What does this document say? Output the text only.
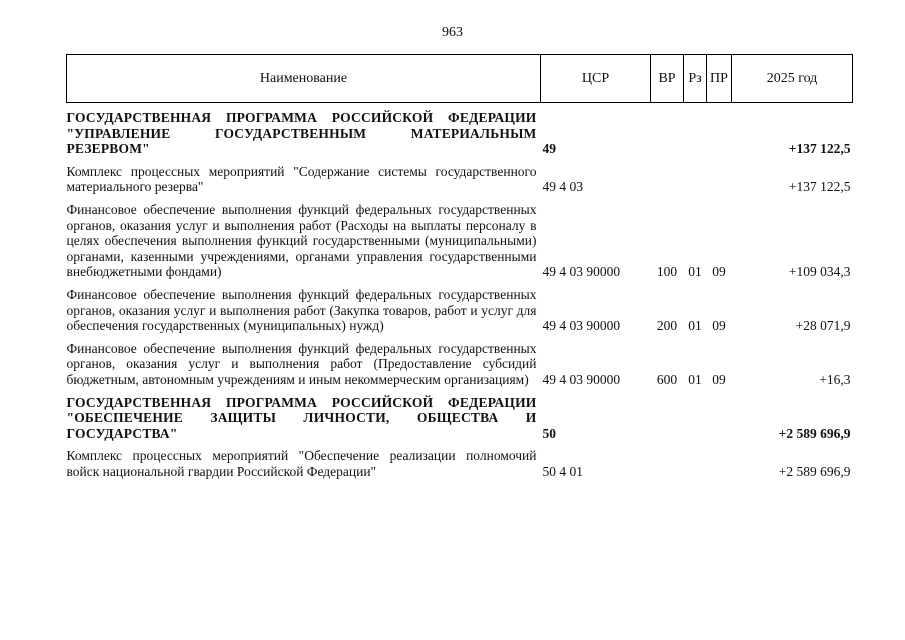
963
Наименование	ЦСР	ВР	Рз	ПР	2025 год

ГОСУДАРСТВЕННАЯ ПРОГРАММА РОССИЙСКОЙ ФЕДЕРАЦИИ "УПРАВЛЕНИЕ ГОСУДАРСТВЕННЫМ МАТЕРИАЛЬНЫМ РЕЗЕРВОМ"	49				+137 122,5

Комплекс процессных мероприятий "Содержание системы государственного материального резерва"	49 4 03				+137 122,5

Финансовое обеспечение выполнения функций федеральных государственных органов, оказания услуг и выполнения работ (Расходы на выплаты персоналу в целях обеспечения выполнения функций государственными (муниципальными) органами, казенными учреждениями, органами управления государственными внебюджетными фондами)	49 4 03 90000	100	01	09	+109 034,3

Финансовое обеспечение выполнения функций федеральных государственных органов, оказания услуг и выполнения работ (Закупка товаров, работ и услуг для обеспечения государственных (муниципальных) нужд)	49 4 03 90000	200	01	09	+28 071,9

Финансовое обеспечение выполнения функций федеральных государственных органов, оказания услуг и выполнения работ (Предоставление субсидий бюджетным, автономным учреждениям и иным некоммерческим организациям)	49 4 03 90000	600	01	09	+16,3

ГОСУДАРСТВЕННАЯ ПРОГРАММА РОССИЙСКОЙ ФЕДЕРАЦИИ "ОБЕСПЕЧЕНИЕ ЗАЩИТЫ ЛИЧНОСТИ, ОБЩЕСТВА И ГОСУДАРСТВА"	50				+2 589 696,9

Комплекс процессных мероприятий "Обеспечение реализации полномочий войск национальной гвардии Российской Федерации"	50 4 01				+2 589 696,9
